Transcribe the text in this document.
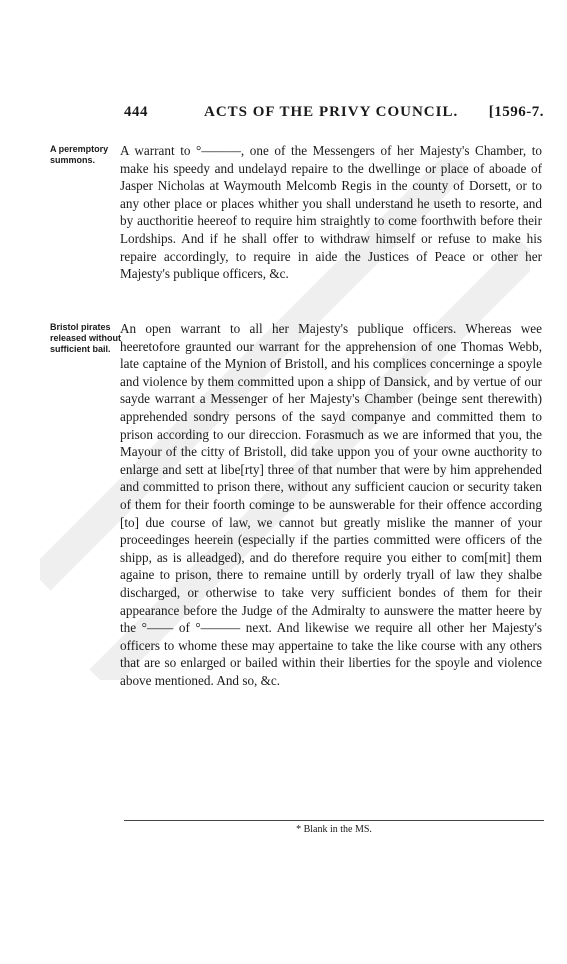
444	ACTS OF THE PRIVY COUNCIL. [1596-7.
A peremptory summons.
A warrant to °———, one of the Messengers of her Majesty's Chamber, to make his speedy and undelayd repaire to the dwellinge or place of aboade of Jasper Nicholas at Waymouth Melcomb Regis in the county of Dorsett, or to any other place or places whither you shall understand he useth to resorte, and by aucthoritie heereof to require him straightly to come foorthwith before their Lordships. And if he shall offer to withdraw himself or refuse to make his repaire accordingly, to require in aide the Justices of Peace or other her Majesty's publique officers, &c.
Bristol pirates released without sufficient bail.
An open warrant to all her Majesty's publique officers. Whereas wee heeretofore graunted our warrant for the apprehension of one Thomas Webb, late captaine of the Mynion of Bristoll, and his complices concerninge a spoyle and violence by them committed upon a shipp of Dansick, and by vertue of our sayde warrant a Messenger of her Majesty's Chamber (beinge sent therewith) apprehended sondry persons of the sayd companye and committed them to prison according to our direccion. Forasmuch as we are informed that you, the Mayour of the citty of Bristoll, did take uppon you of your owne aucthority to enlarge and sett at libe[rty] three of that number that were by him apprehended and committed to prison there, without any sufficient caucion or security taken of them for their foorth cominge to be aunswerable for their offence according [to] due course of law, we cannot but greatly mislike the manner of your proceedinges heerein (especially if the parties committed were officers of the shipp, as is alleadged), and do therefore require you either to com[mit] them againe to prison, there to remaine untill by orderly tryall of law they shalbe discharged, or otherwise to take very sufficient bondes of them for their appearance before the Judge of the Admiralty to aunswere the matter heere by the °—— of °——— next. And likewise we require all other her Majesty's officers to whome these may appertaine to take the like course with any others that are so enlarged or bailed within their liberties for the spoyle and violence above mentioned. And so, &c.
* Blank in the MS.
